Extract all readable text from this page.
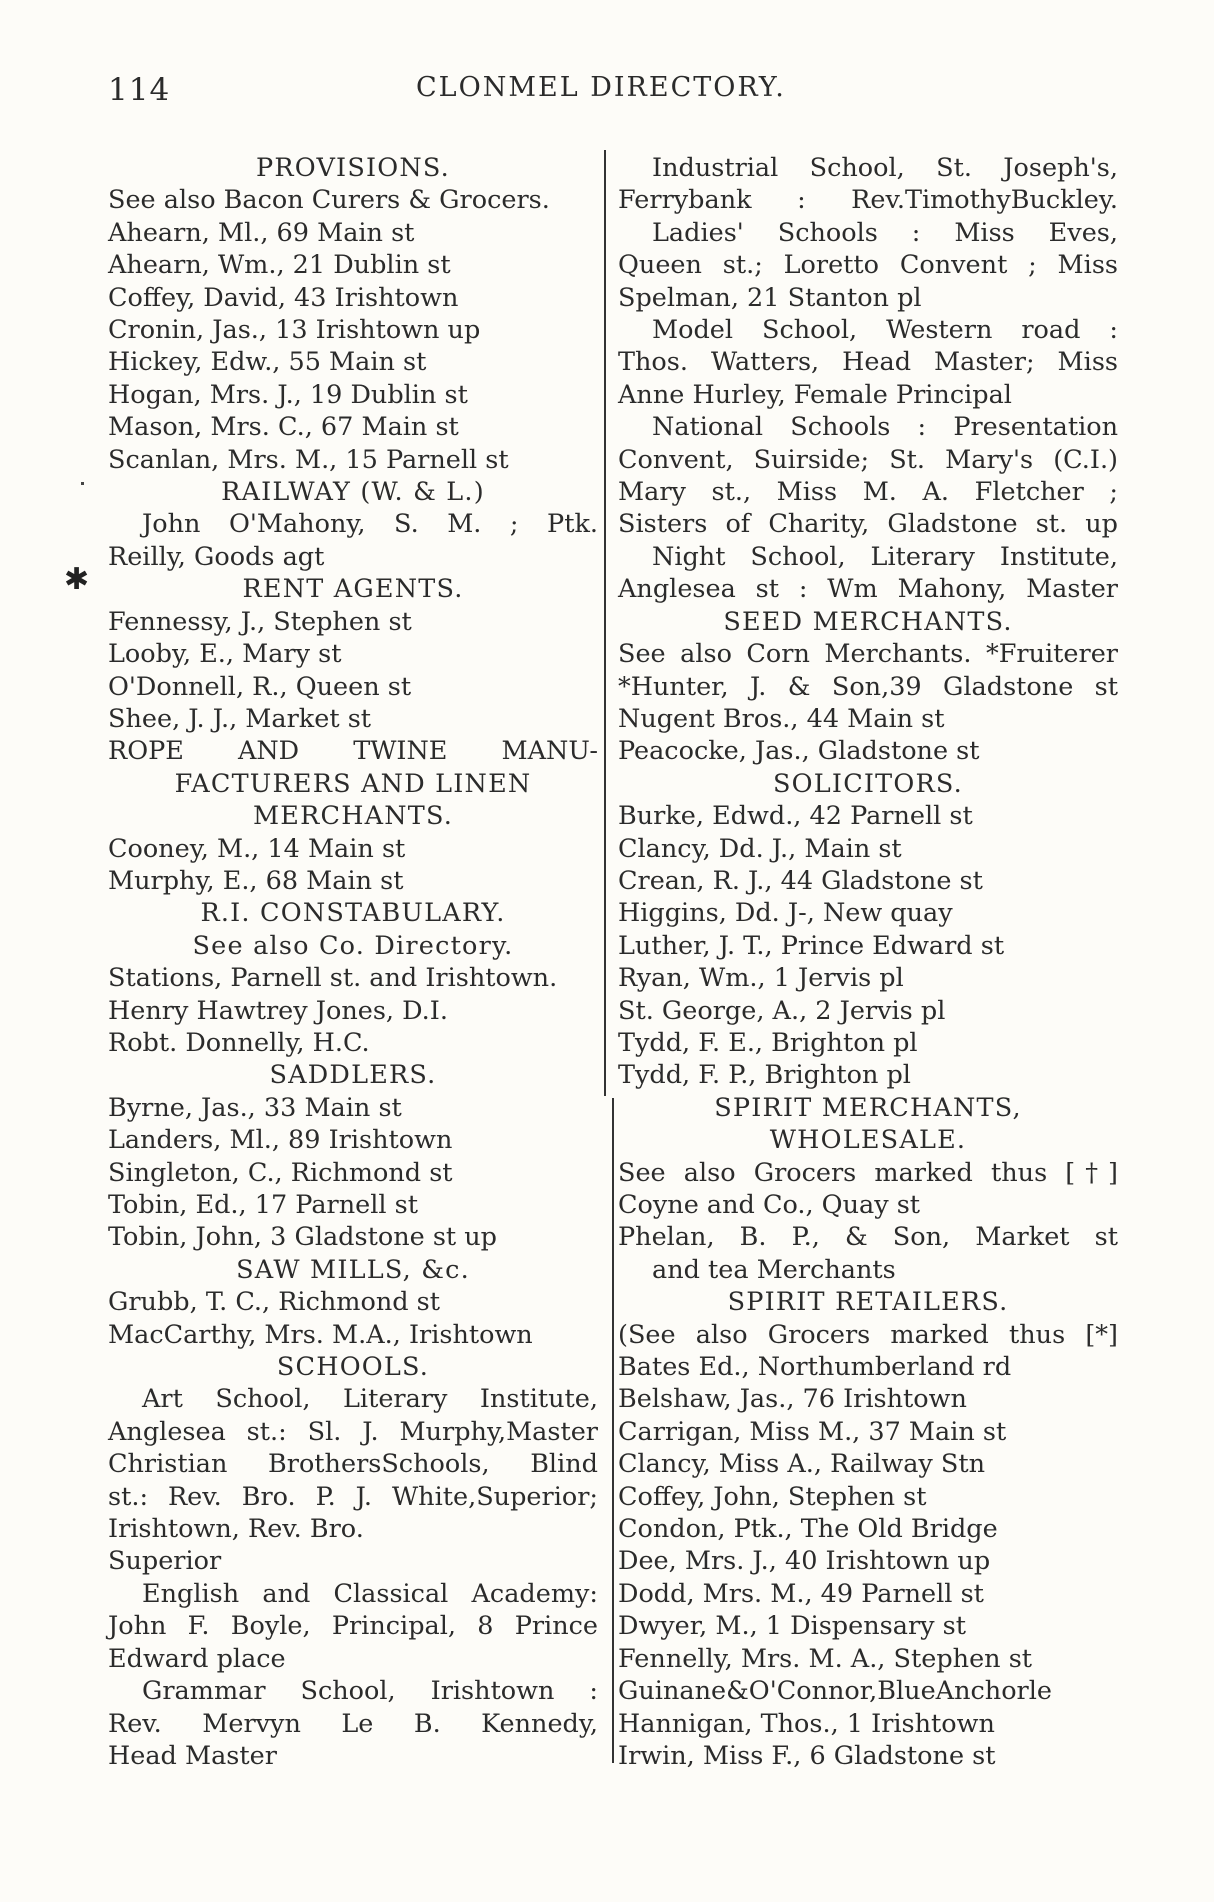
114	CLONMEL DIRECTORY.
PROVISIONS.
See also Bacon Curers & Grocers.
Ahearn, Ml., 69 Main st
Ahearn, Wm., 21 Dublin st
Coffey, David, 43 Irishtown
Cronin, Jas., 13 Irishtown up
Hickey, Edw., 55 Main st
Hogan, Mrs. J., 19 Dublin st
Mason, Mrs. C., 67 Main st
Scanlan, Mrs. M., 15 Parnell st
RAILWAY (W. & L.)
John O'Mahony, S. M. ; Ptk.
Reilly, Goods agt
RENT AGENTS.
Fennessy, J., Stephen st
Looby, E., Mary st
O'Donnell, R., Queen st
Shee, J. J., Market st
ROPE AND TWINE MANU-
FACTURERS AND LINEN
MERCHANTS.
Cooney, M., 14 Main st
Murphy, E., 68 Main st
R.I. CONSTABULARY.
See also Co. Directory.
Stations, Parnell st. and Irishtown.
Henry Hawtrey Jones, D.I.
Robt. Donnelly, H.C.
SADDLERS.
Byrne, Jas., 33 Main st
Landers, Ml., 89 Irishtown
Singleton, C., Richmond st
Tobin, Ed., 17 Parnell st
Tobin, John, 3 Gladstone st up
SAW MILLS, &c.
Grubb, T. C., Richmond st
MacCarthy, Mrs. M.A., Irishtown
SCHOOLS.
Art School, Literary Institute,
Anglesea st.: Sl. J. Murphy,Master
Christian BrothersSchools, Blind
st.: Rev. Bro. P. J. White,Superior;
Irishtown, Rev. Bro.
Superior
English and Classical Academy:
John F. Boyle, Principal, 8 Prince
Edward place
Grammar School, Irishtown :
Rev. Mervyn Le B. Kennedy,
Head Master
Industrial School, St. Joseph's,
Ferrybank : Rev.TimothyBuckley.
Ladies' Schools : Miss Eves,
Queen st.; Loretto Convent ; Miss
Spelman, 21 Stanton pl
Model School, Western road :
Thos. Watters, Head Master; Miss
Anne Hurley, Female Principal
National Schools : Presentation
Convent, Suirside; St. Mary's (C.I.)
Mary st., Miss M. A. Fletcher ;
Sisters of Charity, Gladstone st. up
Night School, Literary Institute,
Anglesea st : Wm Mahony, Master
SEED MERCHANTS.
See also Corn Merchants. *Fruiterer
*Hunter, J. & Son,39 Gladstone st
Nugent Bros., 44 Main st
Peacocke, Jas., Gladstone st
SOLICITORS.
Burke, Edwd., 42 Parnell st
Clancy, Dd. J., Main st
Crean, R. J., 44 Gladstone st
Higgins, Dd. J-, New quay
Luther, J. T., Prince Edward st
Ryan, Wm., 1 Jervis pl
St. George, A., 2 Jervis pl
Tydd, F. E., Brighton pl
Tydd, F. P., Brighton pl
SPIRIT MERCHANTS,
WHOLESALE.
See also Grocers marked thus [†]
Coyne and Co., Quay st
Phelan, B. P., & Son, Market st
and tea Merchants
SPIRIT RETAILERS.
(See also Grocers marked thus [*]
Bates Ed., Northumberland rd
Belshaw, Jas., 76 Irishtown
Carrigan, Miss M., 37 Main st
Clancy, Miss A., Railway Stn
Coffey, John, Stephen st
Condon, Ptk., The Old Bridge
Dee, Mrs. J., 40 Irishtown up
Dodd, Mrs. M., 49 Parnell st
Dwyer, M., 1 Dispensary st
Fennelly, Mrs. M. A., Stephen st
Guinane&O'Connor,BlueAnchorle
Hannigan, Thos., 1 Irishtown
Irwin, Miss F., 6 Gladstone st
✱
